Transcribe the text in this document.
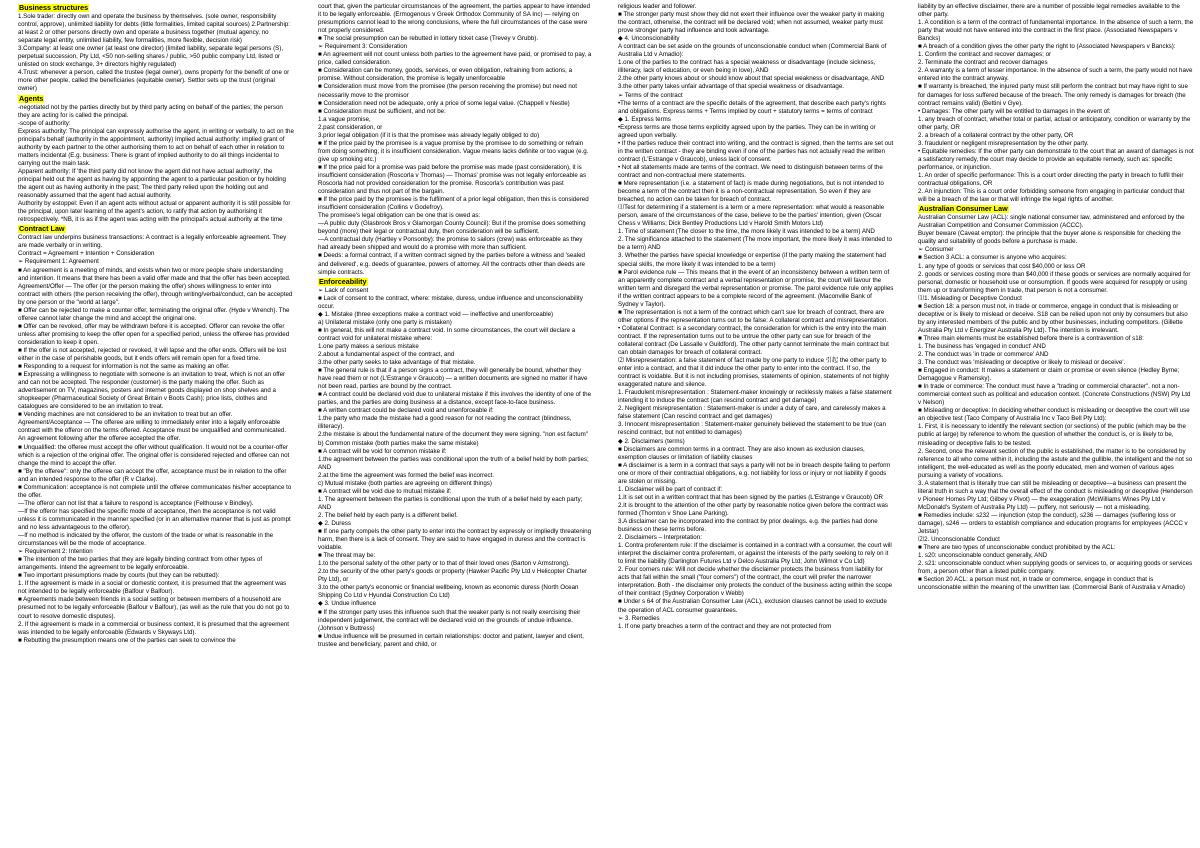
Business structures

1.Sole trader: directly own and operate the business by themselves. (sole owner, responsibility control, approve), unlimited liability for debts (little formalities, limited capital sources) 2.Partnership: at least 2 or other persons directly own and operate a business together (mutual agency, no separate legal entity, unlimited liability, few formalities, more flexible, decision risk)

3.Company: at least one owner (at least one director) (limited liability, separate legal persons (S), perpetual succession, Pty Ltd, <50 non-selling shares / public, >50 public company Ltd, listed or unlisted on stock exchange, 3+ directors highly regulated)

4.Trust: whenever a person, called the trustee (legal owner), owns property for the benefit of one or more other people, called the beneficiaries (equitable owner). Settlor sets up the trust (original owner)

Agents

-negotiated not by the parties directly but by third party acting on behalf of the parties; the person they are acting for is called the principal.

-scope of authority:

Express authority: The principal can expressly authorise the agent, in writing or verbally, to act on the principal's behalf (authority in the appointment, authority) Implied actual authority: implied grant of authority by each partner to the other authorising them to act on behalf of each other in relation to matters incidental (E.g. business: There is grant of implied authority to do all things incidental to carrying out the main task.

Apparent authority: If 'the third party did not know the agent did not have actual authority', the principal held out the agent as having by appointing the agent to a particular position or by holding the agent out as having authority in the past; The third party relied upon the holding out and reasonably assumed that the agent had actual authority.

Authority by estoppel: Even if an agent acts without actual or apparent authority it is still possible for the principal, upon later learning of the agent's action, to ratify that action by authorising it retrospectively. *NB, it is as if the agent was acting with the principal's actual authority at the time

Contract Law

Contract law underpins business transactions: A contract is a legally enforceable agreement. They are made verbally or in writing.

Contract = Agreement + Intention + Consideration

➢ Requirement 1: Agreement

■ An agreement is a meeting of minds, and exists when two or more people share understanding and intention. It means that there has been a valid offer made and that the offer has been accepted.

Agreement/Offer — The offer (or the person making the offer) shows willingness to enter into contract with others (the person receiving the offer), through writing/verbal/conduct, can be accepted by one person or the "world at large".

■ Offer can be rejected to make a counter offer, terminating the original offer. (Hyde v Wrench). The offeree cannot later change the mind and accept the original one.

■ Offer can be revoked, offer may be withdrawn before it is accepted. Offeror can revoke the offer unless after promising to keep the offer open for a specified period, unless the offeree has provided consideration to keep it open.

■ If the offer is not accepted, rejected or revoked, it will lapse and the offer ends. Offers will be lost either in the case of perishable goods, but it ends offers will remain open for a fixed time.

■ Responding to a request for information is not the same as making an offer.

■ Expressing a willingness to negotiate with someone is an invitation to treat, which is not an offer and can not be accepted. The responder (customer) is the party making the offer. Such as advertisement on TV, magazines, posters and internet goods displayed on shop shelves and a shopkeeper (Pharmaceutical Society of Great Britain v Boots Cash); price lists, clothes and catalogues are considered to be an invitation to treat.

■ Vending machines are not considered to be an invitation to treat but an offer.

Agreement/Acceptance — The offeree are willing to immediately enter into a legally enforceable contract with the offeror on the terms offered. Acceptance must be unqualified and communicated. An agreement following after the offeree accepted the offer.

■ Unqualified: the offeree must accept the offer without qualification. It would not be a counter-offer which is a rejection of the original offer. The original offer is considered rejected and offeree can not change the mind to accept the offer.

■ "By the offeree": only the offeree can accept the offer, acceptance must be in relation to the offer and an intended response to the offer (R v Clarke).

■ Communication: acceptance is not complete until the offeree communicates his/her acceptance to the offer.

—The offeror can not list that a failure to respond is acceptance (Felthouse v Bindley).

—If the offeror has specified the specific mode of acceptance, then the acceptance is not valid unless it is communicated in the manner specified (or in an alternative manner that is just as prompt and no less advantageous to the offeror).

—If no method is indicated by the offeror, the custom of the trade or what is reasonable in the circumstances will be the mode of acceptance.

➢ Requirement 2: Intention

■ The intention of the two parties that they are legally binding contract from other types of arrangements. Intend the agreement to be legally enforceable.

■ Two important presumptions made by courts (but they can be rebutted):

1. If the agreement is made in a social or domestic context, it is presumed that the agreement was not intended to be legally enforceable (Balfour v Balfour).

■ Agreements made between friends in a social setting or between members of a household are presumed not to be legally enforceable (Balfour v Balfour), (as well as the rule that you do not go to court to resolve domestic disputes).

2. If the agreement is made in a commercial or business context, it is presumed that the agreement was intended to be legally enforceable (Edwards v Skyways Ltd).

■ Rebutting the presumption means one of the parties can seek to convince the

court that, given the particular circumstances of the agreement, the parties appear to have intended it to be legally enforceable. (Ermogenous v Greek Orthodox Community of SA Inc) — relying on presumptions cannot lead to the wrong conclusions, where the full circumstances of the case were not properly considered.

■ The social presumption can be rebutted in lottery ticket case (Trevey v Grubb).

➢ Requirement 3: Consideration

■ An agreement will not count unless both parties to the agreement have paid, or promised to pay, a price, called consideration.

■ Consideration can be money, goods, services, or even obligation, refraining from actions, a promise. Without consideration, the promise is legally unenforceable

■ Consideration must move from the promisee (the person receiving the promise) but need not necessarily move to the promisor

■ Consideration need not be adequate, only a price of some legal value. (Chappell v Nestle)

■ Consideration must be sufficient, and not be:

1.a vague promise,

2.past consideration, or

3.prior legal obligation (if it is that the promisee was already legally obliged to do)

■ If the price paid by the promisee is a vague promise by the promisee to do something or refrain from doing something, it is insufficient consideration. Vague means lacks definite or too vague (e.g. give up smoking etc.)

■ If the price paid for a promise was paid before the promise was made (past consideration), it is insufficient consideration (Roscorla v Thomas) — Thomas' promise was not legally enforceable as Roscorla had not provided consideration for the promise. Roscorla's contribution was past consideration and thus not part of the bargain.

■ If the price paid by the promisee is the fulfilment of a prior legal obligation, then this is considered insufficient consideration (Collins v Godefroy).

The promisee's legal obligation can be one that is owed as:

—A public duty (Glasbrook Bros v Glamorgan County Council): But if the promise does something beyond (more) their legal or contractual duty, then consideration will be sufficient.

—A contractual duty (Hartley v Ponsonby): the promise to sailors (crew) was enforceable as they had already been shipped and would do a promise with more than sufficient.

■ Deeds: a formal contract, if a written contract signed by the parties before a witness and 'sealed and delivered', e.g. deeds of guarantee, powers of attorney. All the contracts other than deeds are simple contracts.

Enforceability

➢ Lack of consent

■ Lack of consent to the contract, where: mistake, duress, undue influence and unconscionability occur.

◆ 1. Mistake (three exceptions make a contract void — ineffective and unenforceable)

a) Unilateral mistake (only one party is mistaken)

■ In general, this will not make a contract void. In some circumstances, the court will declare a contract void for unilateral mistake where:

1.one party makes a serious mistake

2.about a fundamental aspect of the contract, and

3.the other party seeks to take advantage of that mistake.

■ The general rule is that if a person signs a contract, they will generally be bound, whether they have read them or not (L'Estrange v Graucob) — a written documents are signed no matter if have not been read, parties are bound by the contract.

■ A contract could be declared void due to unilateral mistake if this involves the identity of one of the parties, and the parties are doing business at a distance, except face-to-face business.

■ A written contract could be declared void and unenforceable if:

1.the party who made the mistake had a good reason for not reading the contract (blindness, illiteracy).

2.the mistake is about the fundamental nature of the document they were signing. "non est factum"

b) Common mistake (both parties make the same mistake)

■ A contract will be void for common mistake if:

1.the agreement between the parties was conditional upon the truth of a belief held by both parties; AND

2.at the time the agreement was formed the belief was incorrect.

c) Mutual mistake (both parties are agreeing on different things)

■ A contract will be void due to mutual mistake if:

1. The agreement between the parties is conditional upon the truth of a belief held by each party; AND

2. The belief held by each party is a different belief.

◆ 2. Duress

■ If one party compels the other party to enter into the contract by expressly or impliedly threatening harm, then there is a lack of consent. They are said to have engaged in duress and the contract is voidable.

■ The threat may be:

1.to the personal safety of the other party or to that of their loved ones (Barton v Armstrong).

2.to the security of the other party's goods or property (Hawker Pacific Pty Ltd v Helicopter Charter Pty Ltd), or

3.to the other party's economic or financial wellbeing, known as economic duress (North Ocean Shipping Co Ltd v Hyundai Construction Co Ltd)

◆ 3. Undue influence

■ If the stronger party uses this influence such that the weaker party is not really exercising their independent judgement, the contract will be declared void on the grounds of undue influence. (Johnson v Buttress)

■ Undue influence will be presumed in certain relationships: doctor and patient, lawyer and client, trustee and beneficiary, parent and child, or

religious leader and follower.

■ The stronger party must show they did not exert their influence over the weaker party in making the contract, otherwise, the contract will be declared void; when not assumed, weaker party must prove stronger party had influence and took advantage.

◆ 4. Unconscionability

A contract can be set aside on the grounds of unconscionable conduct when (Commercial Bank of Australia Ltd v Amadio):

1.one of the parties to the contract has a special weakness or disadvantage (include sickness, illiteracy, lack of education, or even being in love), AND

2.the other party knows about or should know about that special weakness or disadvantage, AND

3.the other party takes unfair advantage of that special weakness or disadvantage.

➢ Terms of the contract

•The terms of a contract are the specific details of the agreement, that describe each party's rights and obligations. Express terms + Terms implied by court + statutory terms = terms of contract

◆ 1. Express terms

•Express terms are those terms explicitly agreed upon by the parties. They can be in writing or agreed upon verbally.

• If the parties reduce their contract into writing, and the contract is signed, then the terms are set out in the written contract - they are binding even if one of the parties has not actually read the written contract (L'Estrange v Graucob), unless lack of consent.

• Not all statements made are terms of the contract. We need to distinguish between terms of the contract and non-contractual mere statements.

■ Mere representation (i.e. a statement of fact) is made during negotiations, but is not intended to become a term of the contract then it is a non-contractual representation. So even if they are breached, no action can be taken for breach of contract.

⑴Test for determining if a statement is a term or a mere representation: what would a reasonable person, aware of the circumstances of the case, believe to be the parties' intention, given (Oscar Chess v Williams; Dick Bentley Productions Ltd v Harold Smith Motors Ltd)

1. Time of statement (The closer to the time, the more likely it was intended to be a term) AND

2. The significance attached to the statement (The more important, the more likely it was intended to be a term) AND

3. Whether the parties have special knowledge or expertise (if the party making the statement had special skills, the more likely it was intended to be a term)

■ Parol evidence rule — This means that in the event of an inconsistency between a written term of an apparently complete contract and a verbal representation or promise, the court will favour the written term and disregard the verbal representation or promise. The parol evidence rule only applies if the written contract appears to be a complete record of the agreement. (Maconville Bank of Sydney v Taylor).

■ The representation is not a term of the contract which can't sue for breach of contract, there are other options if the representation turns out to be false: A collateral contract and misrepresentation.

• Collateral Contract: is a secondary contract, the consideration for which is the entry into the main contract. If the representation turns out to be untrue the other party can sue for breach of the collateral contract (De Lassalle v Guildford). The other party cannot terminate the main contract but can obtain damages for breach of collateral contract.

⑵ Misrepresentation: a false statement of fact made by one party to induce 引起 the other party to enter into a contract, and that it did induce the other party to enter into the contract. If so, the contract is voidable. But it is not including promises, statements of opinion, statements of not highly exaggerated nature and silence.

1. Fraudulent misrepresentation : Statement-maker knowingly or recklessly makes a false statement intending it to induce the contract (can rescind contract and get damage)

2. Negligent misrepresentation : Statement-maker is under a duty of care, and carelessly makes a false statement (Can rescind contract and get damages)

3. Innocent misrepresentation : Statement-maker genuinely believed the statement to be true (can rescind contract, but not entitled to damages)

◆ 2. Disclaimers (terms)

■ Disclaimers are common terms in a contract. They are also known as exclusion clauses, exemption clauses or limitation of liability clauses

■ A disclaimer is a term in a contract that says a party will not be in breach despite failing to perform one or more of their contractual obligations, e.g. not liability for loss or injury or not liability if goods are stolen or missing.

1. Disclaimer will be part of contract if:

1.It is set out in a written contract that has been signed by the parties (L'Estrange v Graucob) OR

2.It is brought to the attention of the other party by reasonable notice given before the contract was formed (Thornton v Shoe Lane Parking).

3.A disclaimer can be incorporated into the contract by prior dealings. e.g. the parties had done business on these terms before.

2. Disclaimers – Interpretation:

1. Contra proferentem rule: If the disclaimer is contained in a contract with a consumer, the court will interpret the disclaimer contra proferentem, or against the interests of the party seeking to rely on it to limit the liability (Darlington Futures Ltd v Delco Australia Pty Ltd; John Wilmot v Co Ltd)

2. Four corners rule: Will not decide whether the disclaimer protects the business from liability for acts that fall within the small ("four corners") of the contract, the court will prefer the narrower interpretation. Both - the disclaimer only protects the conduct of the business acting within the scope of their contract (Sydney Corporation v Webb)

■ Under s 64 of the Australian Consumer Law (ACL), exclusion clauses cannot be used to exclude the operation of ACL consumer guarantees.

➢ 3. Remedies

1. If one party breaches a term of the contract and they are not protected from

liability by an effective disclaimer, there are a number of possible legal remedies available to the other party.

1. A condition is a term of the contract of fundamental importance. In the absence of such a term, the party that would not have entered into the contract in the first place. (Associated Newspapers v Bancks)

■ A breach of a condition gives the other party the right to (Associated Newspapers v Bancks):

1. Confirm the contract and recover damages; or

2. Terminate the contract and recover damages

2. A warranty is a term of lesser importance. In the absence of such a term, the party would not have entered into the contract anyway.

■ If warranty is breached, the injured party must still perform the contract but may have right to sue for damages for loss suffered because of the breach. The only remedy is damages for breach (the contract remains valid) (Bettini v Gye).

• Damages: The other party will be entitled to damages in the event of:

1. any breach of contract, whether total or partial, actual or anticipatory, condition or warranty by the other party, OR

2. a breach of a collateral contract by the other party, OR

3. fraudulent or negligent misrepresentation by the other party.

• Equitable remedies: If the other party can demonstrate to the court that an award of damages is not a satisfactory remedy, the court may decide to provide an equitable remedy, such as: specific performance, or injunction.

1. An order of specific performance: This is a court order directing the party in breach to fulfil their contractual obligations, OR

2. An injunction: This is a court order forbidding someone from engaging in particular conduct that will be a breach of the law or that will infringe the legal rights of another.

Australian Consumer Law

Australian Consumer Law (ACL): single national consumer law, administered and enforced by the Australian Competition and Consumer Commission (ACCC).

Buyer beware (Caveat emptor): the principle that the buyer alone is responsible for checking the quality and suitability of goods before a purchase is made.

➢ Consumer

■ Section 3 ACL: a consumer is anyone who acquires:

1. any type of goods or services that cost $40,000 or less OR

2. goods or services costing more than $40,000 if these goods or services are normally acquired for personal, domestic or household use or consumption. If goods were acquired for resupply or using them up or transforming them in trade, that person is not a consumer.

⑴1. Misleading or Deceptive Conduct

■ Section 18: a person must not, in trade or commerce, engage in conduct that is misleading or deceptive or is likely to mislead or deceive. S18 can be relied upon not only by consumers but also by any interested members of the public and by other businesses, including competitors. (Gillette Australia Pty Ltd v Energizer Australia Pty Ltd). The intention is irrelevant.

■ Three main elements must be established before there is a contravention of s18:

1. The business has 'engaged in conduct' AND

2. The conduct was 'in trade or commerce' AND

3. The conduct was 'misleading or deceptive or likely to mislead or deceive'.

■ Engaged in conduct: It makes a statement or claim or promise or even silence (Hedley Byrne; Demagogue v Ramensky).

■ In trade or commerce: The conduct must have a "trading or commercial character", not a non-commercial context such as political and education context. (Concrete Constructions (NSW) Pty Ltd v Nelson)

■ Misleading or deceptive: In deciding whether conduct is misleading or deceptive the court will use an objective test (Taco Company of Australia Inc v Taco Bell Pty Ltd):

1. First, it is necessary to identify the relevant section (or sections) of the public (which may be the public at large) by reference to whom the question of whether the conduct is, or is likely to be, misleading or deceptive falls to be tested.

2. Second, once the relevant section of the public is established, the matter is to be considered by reference to all who come within it, including the astute and the gullible, the intelligent and the not so intelligent, the well-educated as well as the poorly educated, men and women of various ages pursuing a variety of vocations.

3. A statement that is literally true can still be misleading or deceptive—a business can present the literal truth in such a way that the overall effect of the conduct is misleading or deceptive (Henderson v Pioneer Homes Pty Ltd; Gilbey v Pivot) — the exaggeration (McWilliams Wines Pty Ltd v McDonald's System of Australia Pty Ltd) — puffery, not seriously — not a misleading.

■ Remedies include: s232 — injunction (stop the conduct), s236 — damages (suffering loss or damage), s246 — orders to establish compliance and education programs for employees (ACCC v Jetstar)

⑵2. Unconscionable Conduct

■ There are two types of unconscionable conduct prohibited by the ACL:

1. s20: unconscionable conduct generally, AND

2. s21: unconscionable conduct when supplying goods or services to, or acquiring goods or services from, a person other than a listed public company.

■ Section 20 ACL: a person must not, in trade or commerce, engage in conduct that is unconscionable within the meaning of the unwritten law. (Commercial Bank of Australia v Amadio)
